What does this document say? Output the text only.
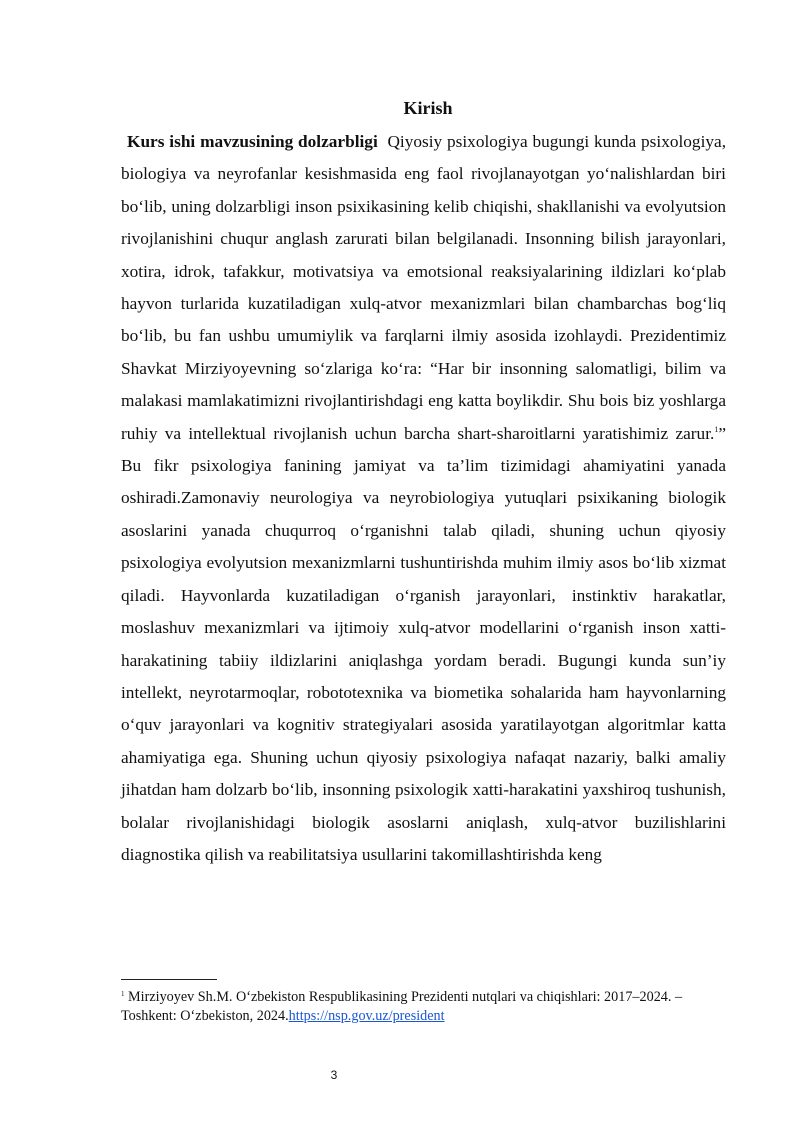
Kirish

Kurs ishi mavzusining dolzarbligi Qiyosiy psixologiya bugungi kunda psixologiya, biologiya va neyrofanlar kesishmasida eng faol rivojlanayotgan yoʻnalishlardan biri boʻlib, uning dolzarbligi inson psixikasining kelib chiqishi, shakllanishi va evolyutsion rivojlanishini chuqur anglash zarurati bilan belgilanadi. Insonning bilish jarayonlari, xotira, idrok, tafakkur, motivatsiya va emotsional reaksiyalarining ildizlari koʻplab hayvon turlarida kuzatiladigan xulq-atvor mexanizmlari bilan chambarchas bogʻliq boʻlib, bu fan ushbu umumiylik va farqlarni ilmiy asosida izohlaydi. Prezidentimiz Shavkat Mirziyoyevning soʻzlariga koʻra: “Har bir insonning salomatligi, bilim va malakasi mamlakatimizni rivojlantirishdagi eng katta boylikdir. Shu bois biz yoshlarga ruhiy va intellektual rivojlanish uchun barcha shart-sharoitlarni yaratishimiz zarur.$^1$” Bu fikr psixologiya fanining jamiyat va ta’lim tizimidagi ahamiyatini yanada oshiradi.Zamonaviy neurologiya va neyrobiologiya yutuqlari psixikaning biologik asoslarini yanada chuqurroq oʻrganishni talab qiladi, shuning uchun qiyosiy psixologiya evolyutsion mexanizmlarni tushuntirishda muhim ilmiy asos boʻlib xizmat qiladi. Hayvonlarda kuzatiladigan oʻrganish jarayonlari, instinktiv harakatlar, moslashuv mexanizmlari va ijtimoiy xulq-atvor modellarini oʻrganish inson xatti-harakatining tabiiy ildizlarini aniqlashga yordam beradi. Bugungi kunda sun’iy intellekt, neyrotarmoqlar, robototexnika va biometika sohalarida ham hayvonlarning oʻquv jarayonlari va kognitiv strategiyalari asosida yaratilayotgan algoritmlar katta ahamiyatiga ega. Shuning uchun qiyosiy psixologiya nafaqat nazariy, balki amaliy jihatdan ham dolzarb boʻlib, insonning psixologik xatti-harakatini yaxshiroq tushunish, bolalar rivojlanishidagi biologik asoslarni aniqlash, xulq-atvor buzilishlarini diagnostika qilish va reabilitatsiya usullarini takomillashtirishda keng

$^1$ Mirziyoyev Sh.M. Oʻzbekiston Respublikasining Prezidenti nutqlari va chiqishlari: 2017–2024. – Toshkent: Oʻzbekiston, 2024.https://nsp.gov.uz/president

3
